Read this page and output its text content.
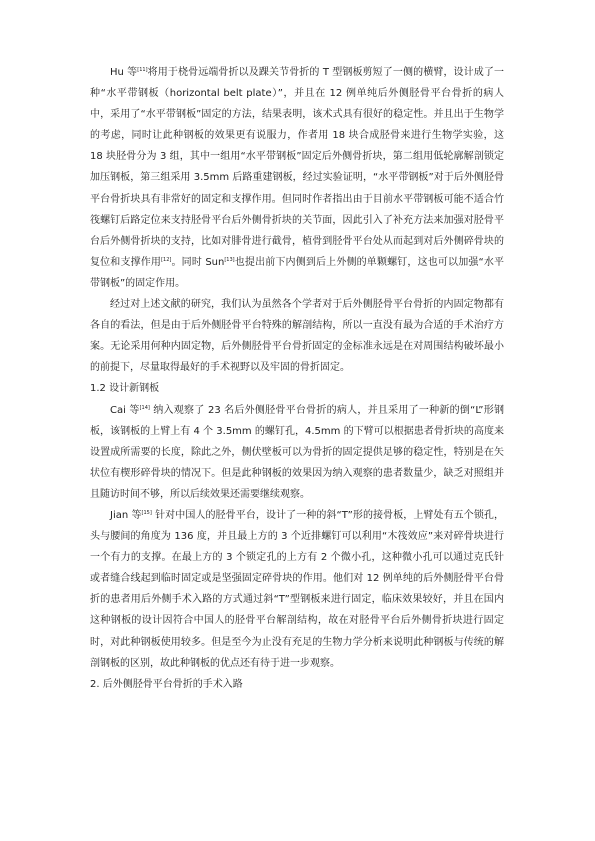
Hu 等[11]将用于桡骨远端骨折以及踝关节骨折的 T 型钢板剪短了一侧的横臂，设计成了一种“水平带钢板（horizontal belt plate）”，并且在 12 例单纯后外侧胫骨平台骨折的病人中，采用了“水平带钢板”固定的方法，结果表明，该术式具有很好的稳定性。并且出于生物学的考虑，同时让此种钢板的效果更有说服力，作者用 18 块合成胫骨来进行生物学实验，这 18 块胫骨分为 3 组，其中一组用“水平带钢板”固定后外侧骨折块，第二组用低轮廓解剖锁定加压钢板，第三组采用 3.5mm 后路重建钢板，经过实验证明，“水平带钢板”对于后外侧胫骨平台骨折块具有非常好的固定和支撑作用。但同时作者指出由于目前水平带钢板可能不适合竹筏螺钉后路定位来支持胫骨平台后外侧骨折块的关节面，因此引入了补充方法来加强对胫骨平台后外侧骨折块的支持，比如对腓骨进行截骨，植骨到胫骨平台处从而起到对后外侧碎骨块的复位和支撑作用[12]。同时 Sun[13]也提出前下内侧到后上外侧的单颗螺钉，这也可以加强“水平带钢板”的固定作用。

经过对上述文献的研究，我们认为虽然各个学者对于后外侧胫骨平台骨折的内固定物都有各自的看法，但是由于后外侧胫骨平台特殊的解剖结构，所以一直没有最为合适的手术治疗方案。无论采用何种内固定物，后外侧胫骨平台骨折固定的金标准永远是在对周围结构破坏最小的前提下，尽量取得最好的手术视野以及牢固的骨折固定。

1.2 设计新钢板

Cai 等[14] 纳入观察了 23 名后外侧胫骨平台骨折的病人，并且采用了一种新的倒“L”形钢板，该钢板的上臂上有 4 个 3.5mm 的螺钉孔，4.5mm 的下臂可以根据患者骨折块的高度来设置成所需要的长度，除此之外，侧伏壁板可以为骨折的固定提供足够的稳定性，特别是在矢状位有楔形碎骨块的情况下。但是此种钢板的效果因为纳入观察的患者数量少，缺乏对照组并且随访时间不够，所以后续效果还需要继续观察。

Jian 等[15] 针对中国人的胫骨平台，设计了一种的斜“T”形的接骨板，上臂处有五个锁孔，头与腰间的角度为 136 度，并且最上方的 3 个近排螺钉可以利用“木筏效应”来对碎骨块进行一个有力的支撑。在最上方的 3 个锁定孔的上方有 2 个微小孔，这种微小孔可以通过克氏针或者缝合线起到临时固定或是坚强固定碎骨块的作用。他们对 12 例单纯的后外侧胫骨平台骨折的患者用后外侧手术入路的方式通过斜“T”型钢板来进行固定，临床效果较好，并且在国内这种钢板的设计因符合中国人的胫骨平台解剖结构，故在对胫骨平台后外侧骨折块进行固定时，对此种钢板使用较多。但是至今为止没有充足的生物力学分析来说明此种钢板与传统的解剖钢板的区别，故此种钢板的优点还有待于进一步观察。

2. 后外侧胫骨平台骨折的手术入路
